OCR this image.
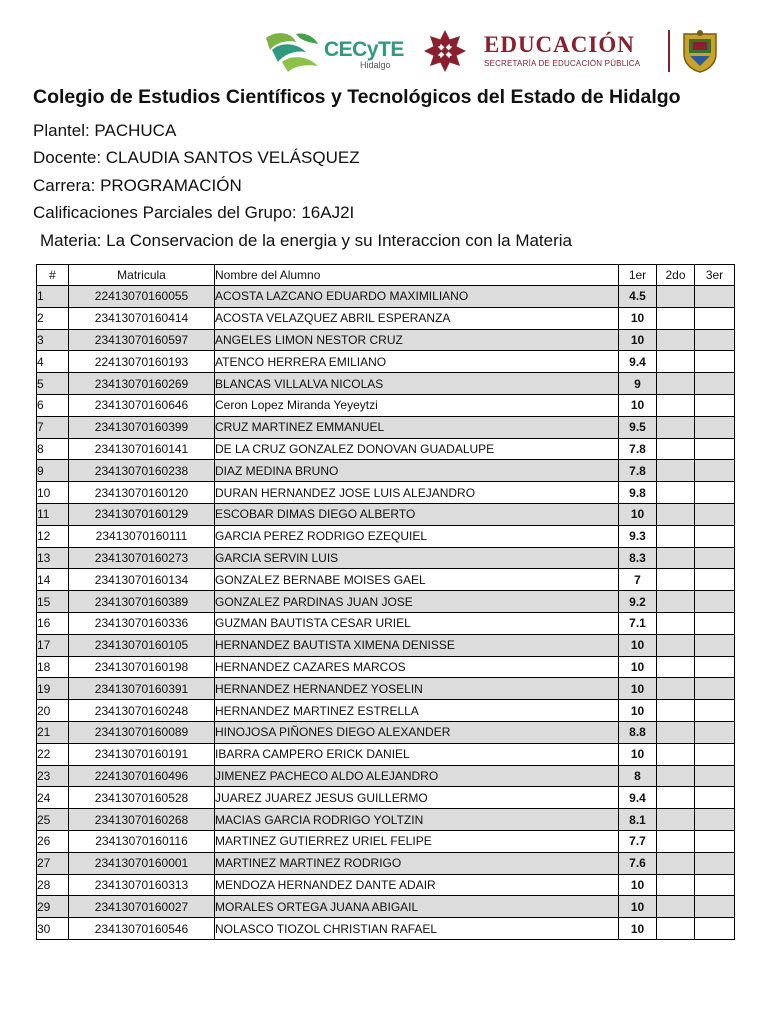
CECyTE
Hidalgo
EDUCACIÓN
SECRETARÍA DE EDUCACIÓN PÚBLICA
Colegio de Estudios Científicos y Tecnológicos del Estado de Hidalgo
Plantel: PACHUCA
Docente: CLAUDIA SANTOS VELÁSQUEZ
Carrera: PROGRAMACIÓN
Calificaciones Parciales del Grupo: 16AJ2I
Materia: La Conservacion de la energia y su Interaccion con la Materia
#	Matricula	Nombre del Alumno	1er	2do	3er
1	22413070160055	ACOSTA LAZCANO EDUARDO MAXIMILIANO	4.5		
2	23413070160414	ACOSTA VELAZQUEZ ABRIL ESPERANZA	10		
3	23413070160597	ANGELES LIMON NESTOR CRUZ	10		
4	22413070160193	ATENCO HERRERA EMILIANO	9.4		
5	23413070160269	BLANCAS VILLALVA NICOLAS	9		
6	23413070160646	Ceron Lopez Miranda Yeyeytzi	10		
7	23413070160399	CRUZ MARTINEZ EMMANUEL	9.5		
8	23413070160141	DE LA CRUZ GONZALEZ DONOVAN GUADALUPE	7.8		
9	23413070160238	DIAZ MEDINA BRUNO	7.8		
10	23413070160120	DURAN HERNANDEZ JOSE LUIS ALEJANDRO	9.8		
11	23413070160129	ESCOBAR DIMAS DIEGO ALBERTO	10		
12	23413070160111	GARCIA PEREZ RODRIGO EZEQUIEL	9.3		
13	23413070160273	GARCIA SERVIN LUIS	8.3		
14	23413070160134	GONZALEZ BERNABE MOISES GAEL	7		
15	23413070160389	GONZALEZ PARDINAS JUAN JOSE	9.2		
16	23413070160336	GUZMAN BAUTISTA CESAR URIEL	7.1		
17	23413070160105	HERNANDEZ BAUTISTA XIMENA DENISSE	10		
18	23413070160198	HERNANDEZ CAZARES MARCOS	10		
19	23413070160391	HERNANDEZ HERNANDEZ YOSELIN	10		
20	23413070160248	HERNANDEZ MARTINEZ ESTRELLA	10		
21	23413070160089	HINOJOSA PIÑONES DIEGO ALEXANDER	8.8		
22	23413070160191	IBARRA CAMPERO ERICK DANIEL	10		
23	22413070160496	JIMENEZ PACHECO ALDO ALEJANDRO	8		
24	23413070160528	JUAREZ JUAREZ JESUS GUILLERMO	9.4		
25	23413070160268	MACIAS GARCIA RODRIGO YOLTZIN	8.1		
26	23413070160116	MARTINEZ GUTIERREZ URIEL FELIPE	7.7		
27	23413070160001	MARTINEZ MARTINEZ RODRIGO	7.6		
28	23413070160313	MENDOZA HERNANDEZ DANTE ADAIR	10		
29	23413070160027	MORALES ORTEGA JUANA ABIGAIL	10		
30	23413070160546	NOLASCO TIOZOL CHRISTIAN RAFAEL	10		
